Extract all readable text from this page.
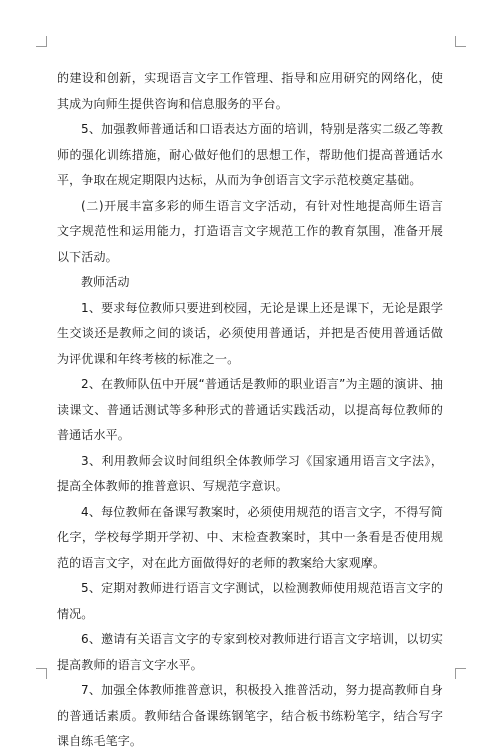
的建设和创新，实现语言文字工作管理、指导和应用研究的网络化，使其成为向师生提供咨询和信息服务的平台。

5、加强教师普通话和口语表达方面的培训，特别是落实二级乙等教师的强化训练措施，耐心做好他们的思想工作，帮助他们提高普通话水平，争取在规定期限内达标，从而为争创语言文字示范校奠定基础。

(二)开展丰富多彩的师生语言文字活动，有针对性地提高师生语言文字规范性和运用能力，打造语言文字规范工作的教育氛围，准备开展以下活动。

教师活动

1、要求每位教师只要进到校园，无论是课上还是课下，无论是跟学生交谈还是教师之间的谈话，必须使用普通话，并把是否使用普通话做为评优课和年终考核的标准之一。

2、在教师队伍中开展“普通话是教师的职业语言”为主题的演讲、抽读课文、普通话测试等多种形式的普通话实践活动，以提高每位教师的普通话水平。

3、利用教师会议时间组织全体教师学习《国家通用语言文字法》，提高全体教师的推普意识、写规范字意识。

4、每位教师在备课写教案时，必须使用规范的语言文字，不得写简化字，学校每学期开学初、中、末检查教案时，其中一条看是否使用规范的语言文字，对在此方面做得好的老师的教案给大家观摩。

5、定期对教师进行语言文字测试，以检测教师使用规范语言文字的情况。

6、邀请有关语言文字的专家到校对教师进行语言文字培训，以切实提高教师的语言文字水平。

7、加强全体教师推普意识，积极投入推普活动，努力提高教师自身的普通话素质。教师结合备课练钢笔字，结合板书练粉笔字，结合写字课自练毛笔字。
